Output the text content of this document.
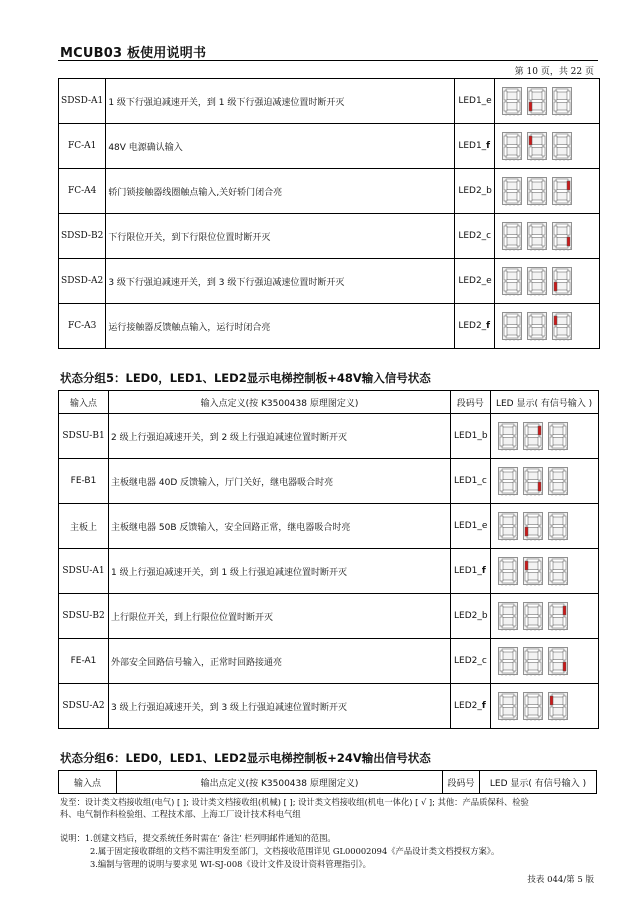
MCUB03 板使用说明书
第 10 页，共 22 页
SDSD-A1	1 级下行强迫减速开关，到 1 级下行强迫减速位置时断开灭	LED1_e	

FC-A1	48V 电源确认输入	LED1_f	

FC-A4	轿门锁接触器线圈触点输入,关好轿门闭合亮	LED2_b	

SDSD-B2	下行限位开关，到下行限位位置时断开灭	LED2_c	

SDSD-A2	3 级下行强迫减速开关，到 3 级下行强迫减速位置时断开灭	LED2_e	

FC-A3	运行接触器反馈触点输入，运行时闭合亮	LED2_f	
状态分组5：LED0，LED1、LED2显示电梯控制板+48V输入信号状态
输入点	输入点定义(按 K3500438 原理图定义)	段码号	LED 显示( 有信号输入 )
SDSU-B1	2 级上行强迫减速开关，到 2 级上行强迫减速位置时断开灭	LED1_b	

FE-B1	主板继电器 40D 反馈输入，厅门关好，继电器吸合时亮	LED1_c	

主板上	主板继电器 50B 反馈输入，安全回路正常，继电器吸合时亮	LED1_e	

SDSU-A1	1 级上行强迫减速开关，到 1 级上行强迫减速位置时断开灭	LED1_f	

SDSU-B2	上行限位开关，到上行限位位置时断开灭	LED2_b	

FE-A1	外部安全回路信号输入，正常时回路接通亮	LED2_c	

SDSU-A2	3 级上行强迫减速开关，到 3 级上行强迫减速位置时断开灭	LED2_f	
状态分组6：LED0，LED1、LED2显示电梯控制板+24V输出信号状态
输入点	输出点定义(按 K3500438 原理图定义)	段码号	LED 显示( 有信号输入 )
发至：设计类文档接收组(电气) [ ]; 设计类文档接收组(机械) [ ]; 设计类文档接收组(机电一体化) [ √ ]; 其他：产品质保科、检验
科、电气制作科检验组、工程技术部、上海工厂设计技术科电气组
说明：1.创建文档后，提交系统任务时需在‘ 备注’ 栏列明邮件通知的范围。
2.属于固定接收群组的文档不需注明发至部门，文档接收范围详见 GL00002094《产品设计类文档授权方案》。
3.编制与管理的说明与要求见 WI-SJ-008《设计文件及设计资料管理指引》。
技表 044/第 5 版
